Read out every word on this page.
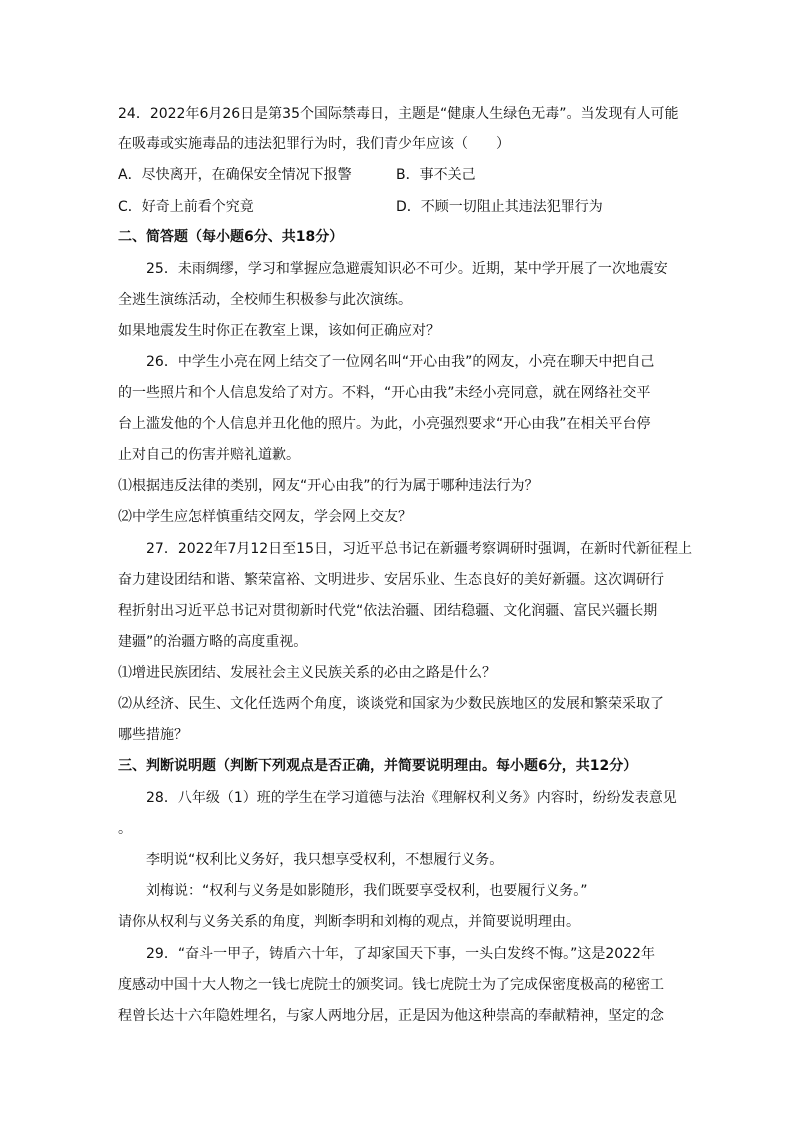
24．2022年6月26日是第35个国际禁毒日，主题是“健康人生绿色无毒”。当发现有人可能
在吸毒或实施毒品的违法犯罪行为时，我们青少年应该（　　）
A．尽快离开，在确保安全情况下报警	B．事不关己
C．好奇上前看个究竟	D．不顾一切阻止其违法犯罪行为
二、简答题（每小题6分、共18分）
25．未雨绸缪，学习和掌握应急避震知识必不可少。近期，某中学开展了一次地震安
全逃生演练活动，全校师生积极参与此次演练。
如果地震发生时你正在教室上课，该如何正确应对？
26．中学生小亮在网上结交了一位网名叫“开心由我”的网友，小亮在聊天中把自己
的一些照片和个人信息发给了对方。不料，“开心由我”未经小亮同意，就在网络社交平
台上滥发他的个人信息并丑化他的照片。为此，小亮强烈要求“开心由我”在相关平台停
止对自己的伤害并赔礼道歉。
⑴根据违反法律的类别，网友“开心由我”的行为属于哪种违法行为？
⑵中学生应怎样慎重结交网友，学会网上交友？
27．2022年7月12日至15日，习近平总书记在新疆考察调研时强调，在新时代新征程上
奋力建设团结和谐、繁荣富裕、文明进步、安居乐业、生态良好的美好新疆。这次调研行
程折射出习近平总书记对贯彻新时代党“依法治疆、团结稳疆、文化润疆、富民兴疆长期
建疆”的治疆方略的高度重视。
⑴增进民族团结、发展社会主义民族关系的必由之路是什么？
⑵从经济、民生、文化任选两个角度，谈谈党和国家为少数民族地区的发展和繁荣采取了
哪些措施？
三、判断说明题（判断下列观点是否正确，并简要说明理由。每小题6分，共12分）
28．八年级（1）班的学生在学习道德与法治《理解权利义务》内容时，纷纷发表意见
。
李明说“权利比义务好，我只想享受权利，不想履行义务。
刘梅说：“权利与义务是如影随形，我们既要享受权利，也要履行义务。”
请你从权利与义务关系的角度，判断李明和刘梅的观点，并简要说明理由。
29．“奋斗一甲子，铸盾六十年，了却家国天下事，一头白发终不悔。”这是2022年
度感动中国十大人物之一钱七虎院士的颁奖词。钱七虎院士为了完成保密度极高的秘密工
程曾长达十六年隐姓埋名，与家人两地分居，正是因为他这种崇高的奉献精神，坚定的念
